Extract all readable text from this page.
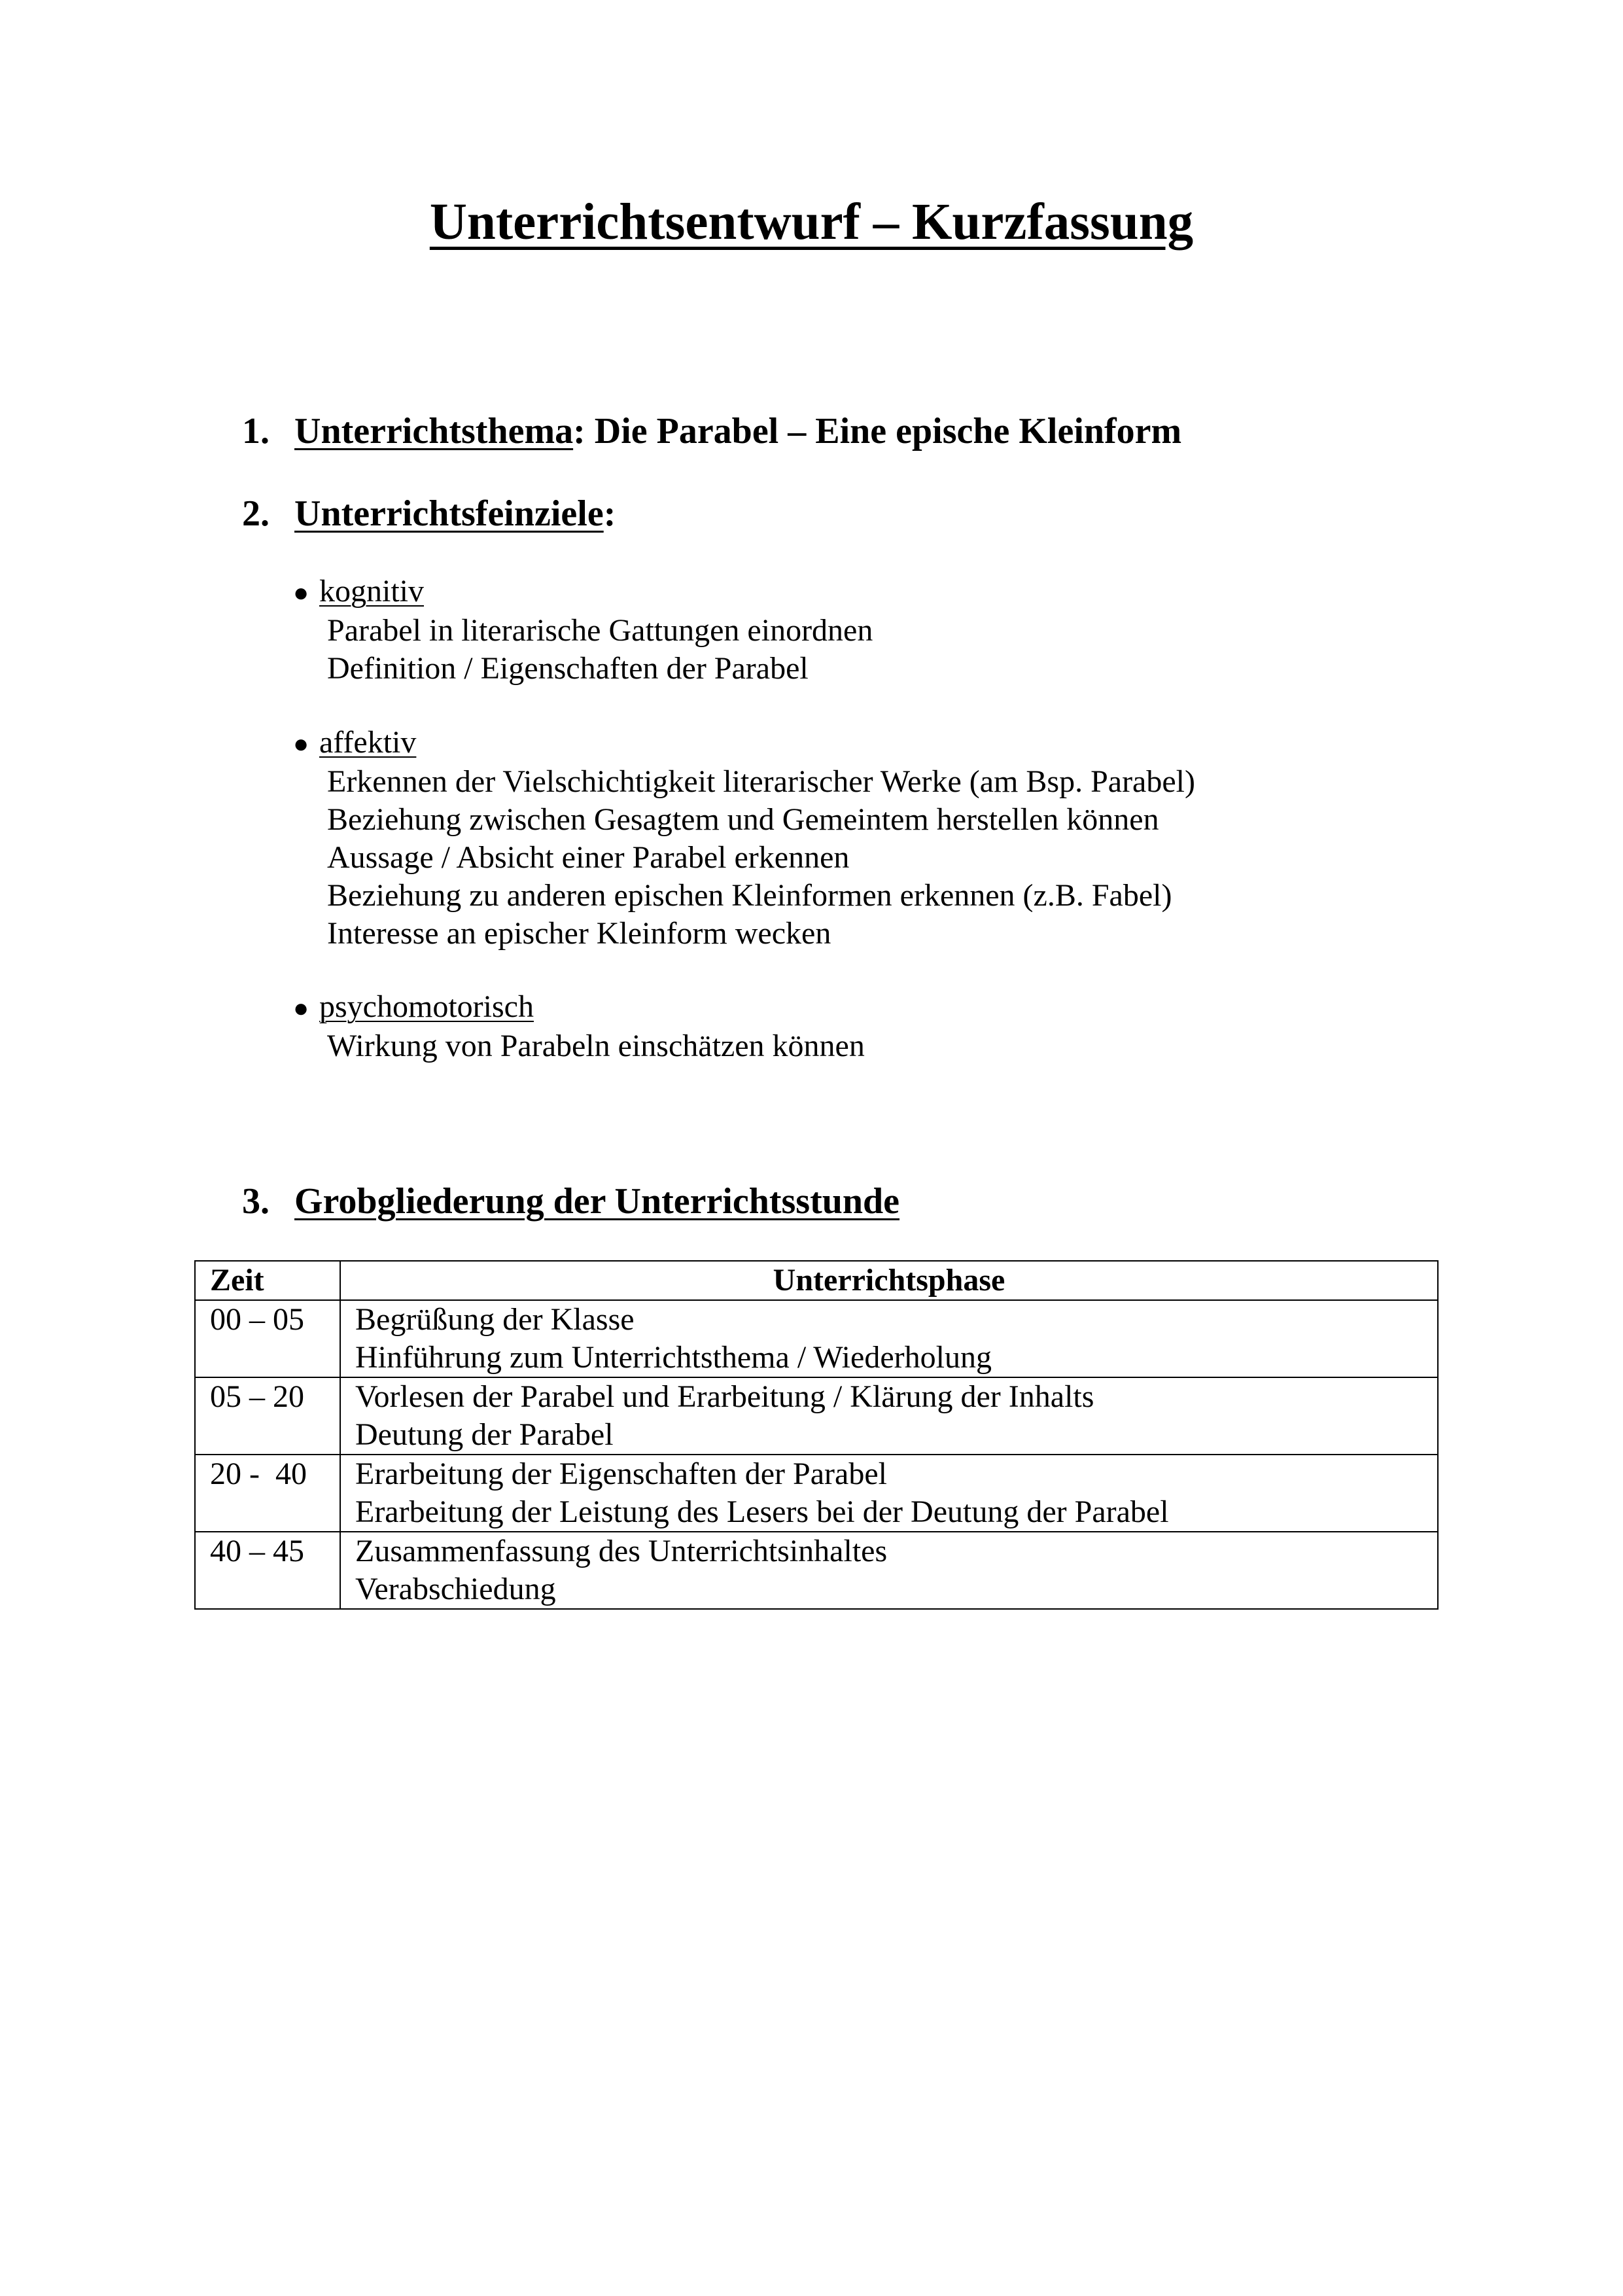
Unterrichtsentwurf – Kurzfassung
1. Unterrichtsthema: Die Parabel – Eine epische Kleinform
2. Unterrichtsfeinziele:
● kognitiv
Parabel in literarische Gattungen einordnen
Definition / Eigenschaften der Parabel
● affektiv
Erkennen der Vielschichtigkeit literarischer Werke (am Bsp. Parabel)
Beziehung zwischen Gesagtem und Gemeintem herstellen können
Aussage / Absicht einer Parabel erkennen
Beziehung zu anderen epischen Kleinformen erkennen (z.B. Fabel)
Interesse an epischer Kleinform wecken
● psychomotorisch
Wirkung von Parabeln einschätzen können
3. Grobgliederung der Unterrichtsstunde
Zeit	Unterrichtsphase
00 – 05	Begrüßung der Klasse
Hinführung zum Unterrichtsthema / Wiederholung

05 – 20	Vorlesen der Parabel und Erarbeitung / Klärung der Inhalts
Deutung der Parabel

20 -  40	Erarbeitung der Eigenschaften der Parabel
Erarbeitung der Leistung des Lesers bei der Deutung der Parabel

40 – 45	Zusammenfassung des Unterrichtsinhaltes
Verabschiedung
